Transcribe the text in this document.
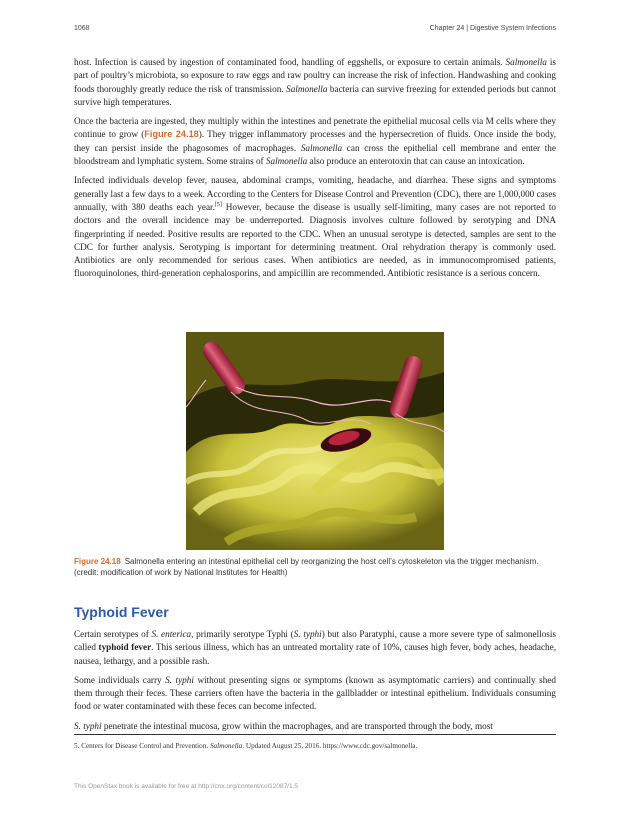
1068	Chapter 24 | Digestive System Infections

host. Infection is caused by ingestion of contaminated food, handling of eggshells, or exposure to certain animals. Salmonella is part of poultry’s microbiota, so exposure to raw eggs and raw poultry can increase the risk of infection. Handwashing and cooking foods thoroughly greatly reduce the risk of transmission. Salmonella bacteria can survive freezing for extended periods but cannot survive high temperatures.

Once the bacteria are ingested, they multiply within the intestines and penetrate the epithelial mucosal cells via M cells where they continue to grow (Figure 24.18). They trigger inflammatory processes and the hypersecretion of fluids. Once inside the body, they can persist inside the phagosomes of macrophages. Salmonella can cross the epithelial cell membrane and enter the bloodstream and lymphatic system. Some strains of Salmonella also produce an enterotoxin that can cause an intoxication.

Infected individuals develop fever, nausea, abdominal cramps, vomiting, headache, and diarrhea. These signs and symptoms generally last a few days to a week. According to the Centers for Disease Control and Prevention (CDC), there are 1,000,000 cases annually, with 380 deaths each year.[5] However, because the disease is usually self-limiting, many cases are not reported to doctors and the overall incidence may be underreported. Diagnosis involves culture followed by serotyping and DNA fingerprinting if needed. Positive results are reported to the CDC. When an unusual serotype is detected, samples are sent to the CDC for further analysis. Serotyping is important for determining treatment. Oral rehydration therapy is commonly used. Antibiotics are only recommended for serious cases. When antibiotics are needed, as in immunocompromised patients, fluoroquinolones, third-generation cephalosporins, and ampicillin are recommended. Antibiotic resistance is a serious concern.

Figure 24.18 Salmonella entering an intestinal epithelial cell by reorganizing the host cell’s cytoskeleton via the trigger mechanism. (credit: modification of work by National Institutes for Health)
Typhoid Fever

Certain serotypes of S. enterica, primarily serotype Typhi (S. typhi) but also Paratyphi, cause a more severe type of salmonellosis called typhoid fever. This serious illness, which has an untreated mortality rate of 10%, causes high fever, body aches, headache, nausea, lethargy, and a possible rash.

Some individuals carry S. typhi without presenting signs or symptoms (known as asymptomatic carriers) and continually shed them through their feces. These carriers often have the bacteria in the gallbladder or intestinal epithelium. Individuals consuming food or water contaminated with these feces can become infected.

S. typhi penetrate the intestinal mucosa, grow within the macrophages, and are transported through the body, most

5. Centers for Disease Control and Prevention. Salmonella. Updated August 25, 2016. https://www.cdc.gov/salmonella.
This OpenStax book is available for free at http://cnx.org/content/col12087/1.5
